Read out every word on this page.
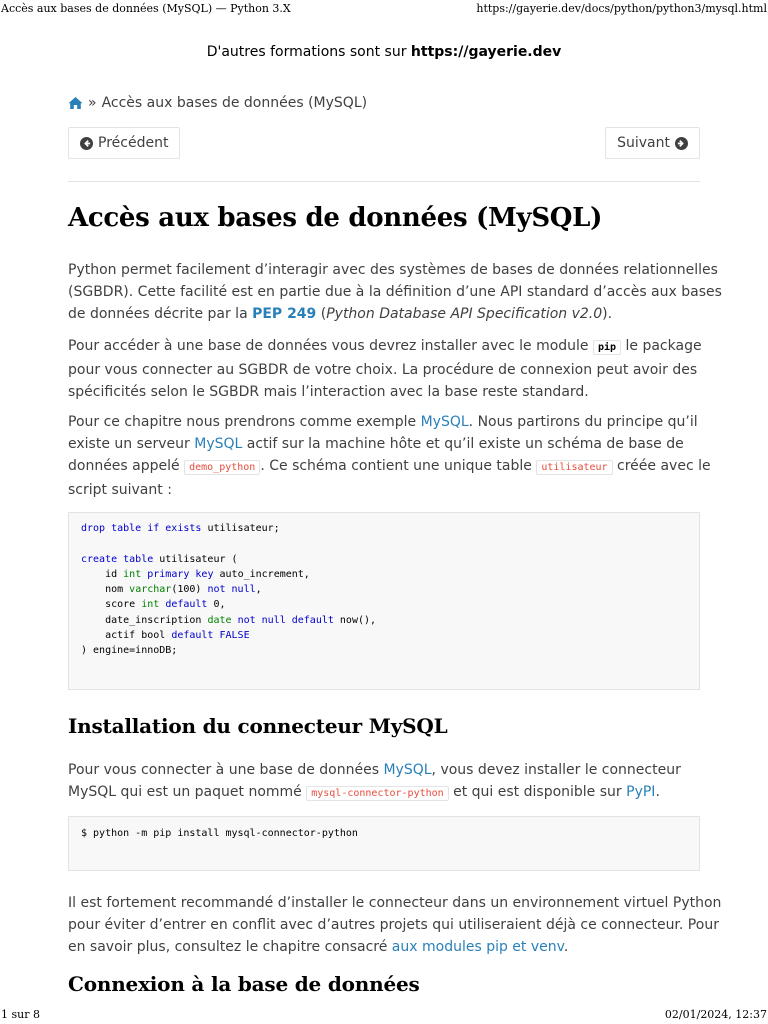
Accès aux bases de données (MySQL) — Python 3.X	https://gayerie.dev/docs/python/python3/mysql.html
D'autres formations sont sur https://gayerie.dev
» Accès aux bases de données (MySQL)
Précédent	Suivant
Accès aux bases de données (MySQL)
Python permet facilement d’interagir avec des systèmes de bases de données relationnelles
(SGBDR). Cette facilité est en partie due à la définition d’une API standard d’accès aux bases
de données décrite par la PEP 249 (Python Database API Specification v2.0).
Pour accéder à une base de données vous devrez installer avec le module pip le package
pour vous connecter au SGBDR de votre choix. La procédure de connexion peut avoir des
spécificités selon le SGBDR mais l’interaction avec la base reste standard.
Pour ce chapitre nous prendrons comme exemple MySQL. Nous partirons du principe qu’il
existe un serveur MySQL actif sur la machine hôte et qu’il existe un schéma de base de
données appelé demo_python . Ce schéma contient une unique table utilisateur créée avec le
script suivant :
drop table if exists utilisateur;
create table utilisateur (
id int primary key auto_increment,
nom varchar(100) not null,
score int default 0,
date_inscription date not null default now(),
actif bool default FALSE
) engine=innoDB;
Installation du connecteur MySQL
Pour vous connecter à une base de données MySQL, vous devez installer le connecteur
MySQL qui est un paquet nommé mysql-connector-python et qui est disponible sur PyPI.
$ python -m pip install mysql-connector-python
Il est fortement recommandé d’installer le connecteur dans un environnement virtuel Python
pour éviter d’entrer en conflit avec d’autres projets qui utiliseraient déjà ce connecteur. Pour
en savoir plus, consultez le chapitre consacré aux modules pip et venv.
Connexion à la base de données
1 sur 8	02/01/2024, 12:37
